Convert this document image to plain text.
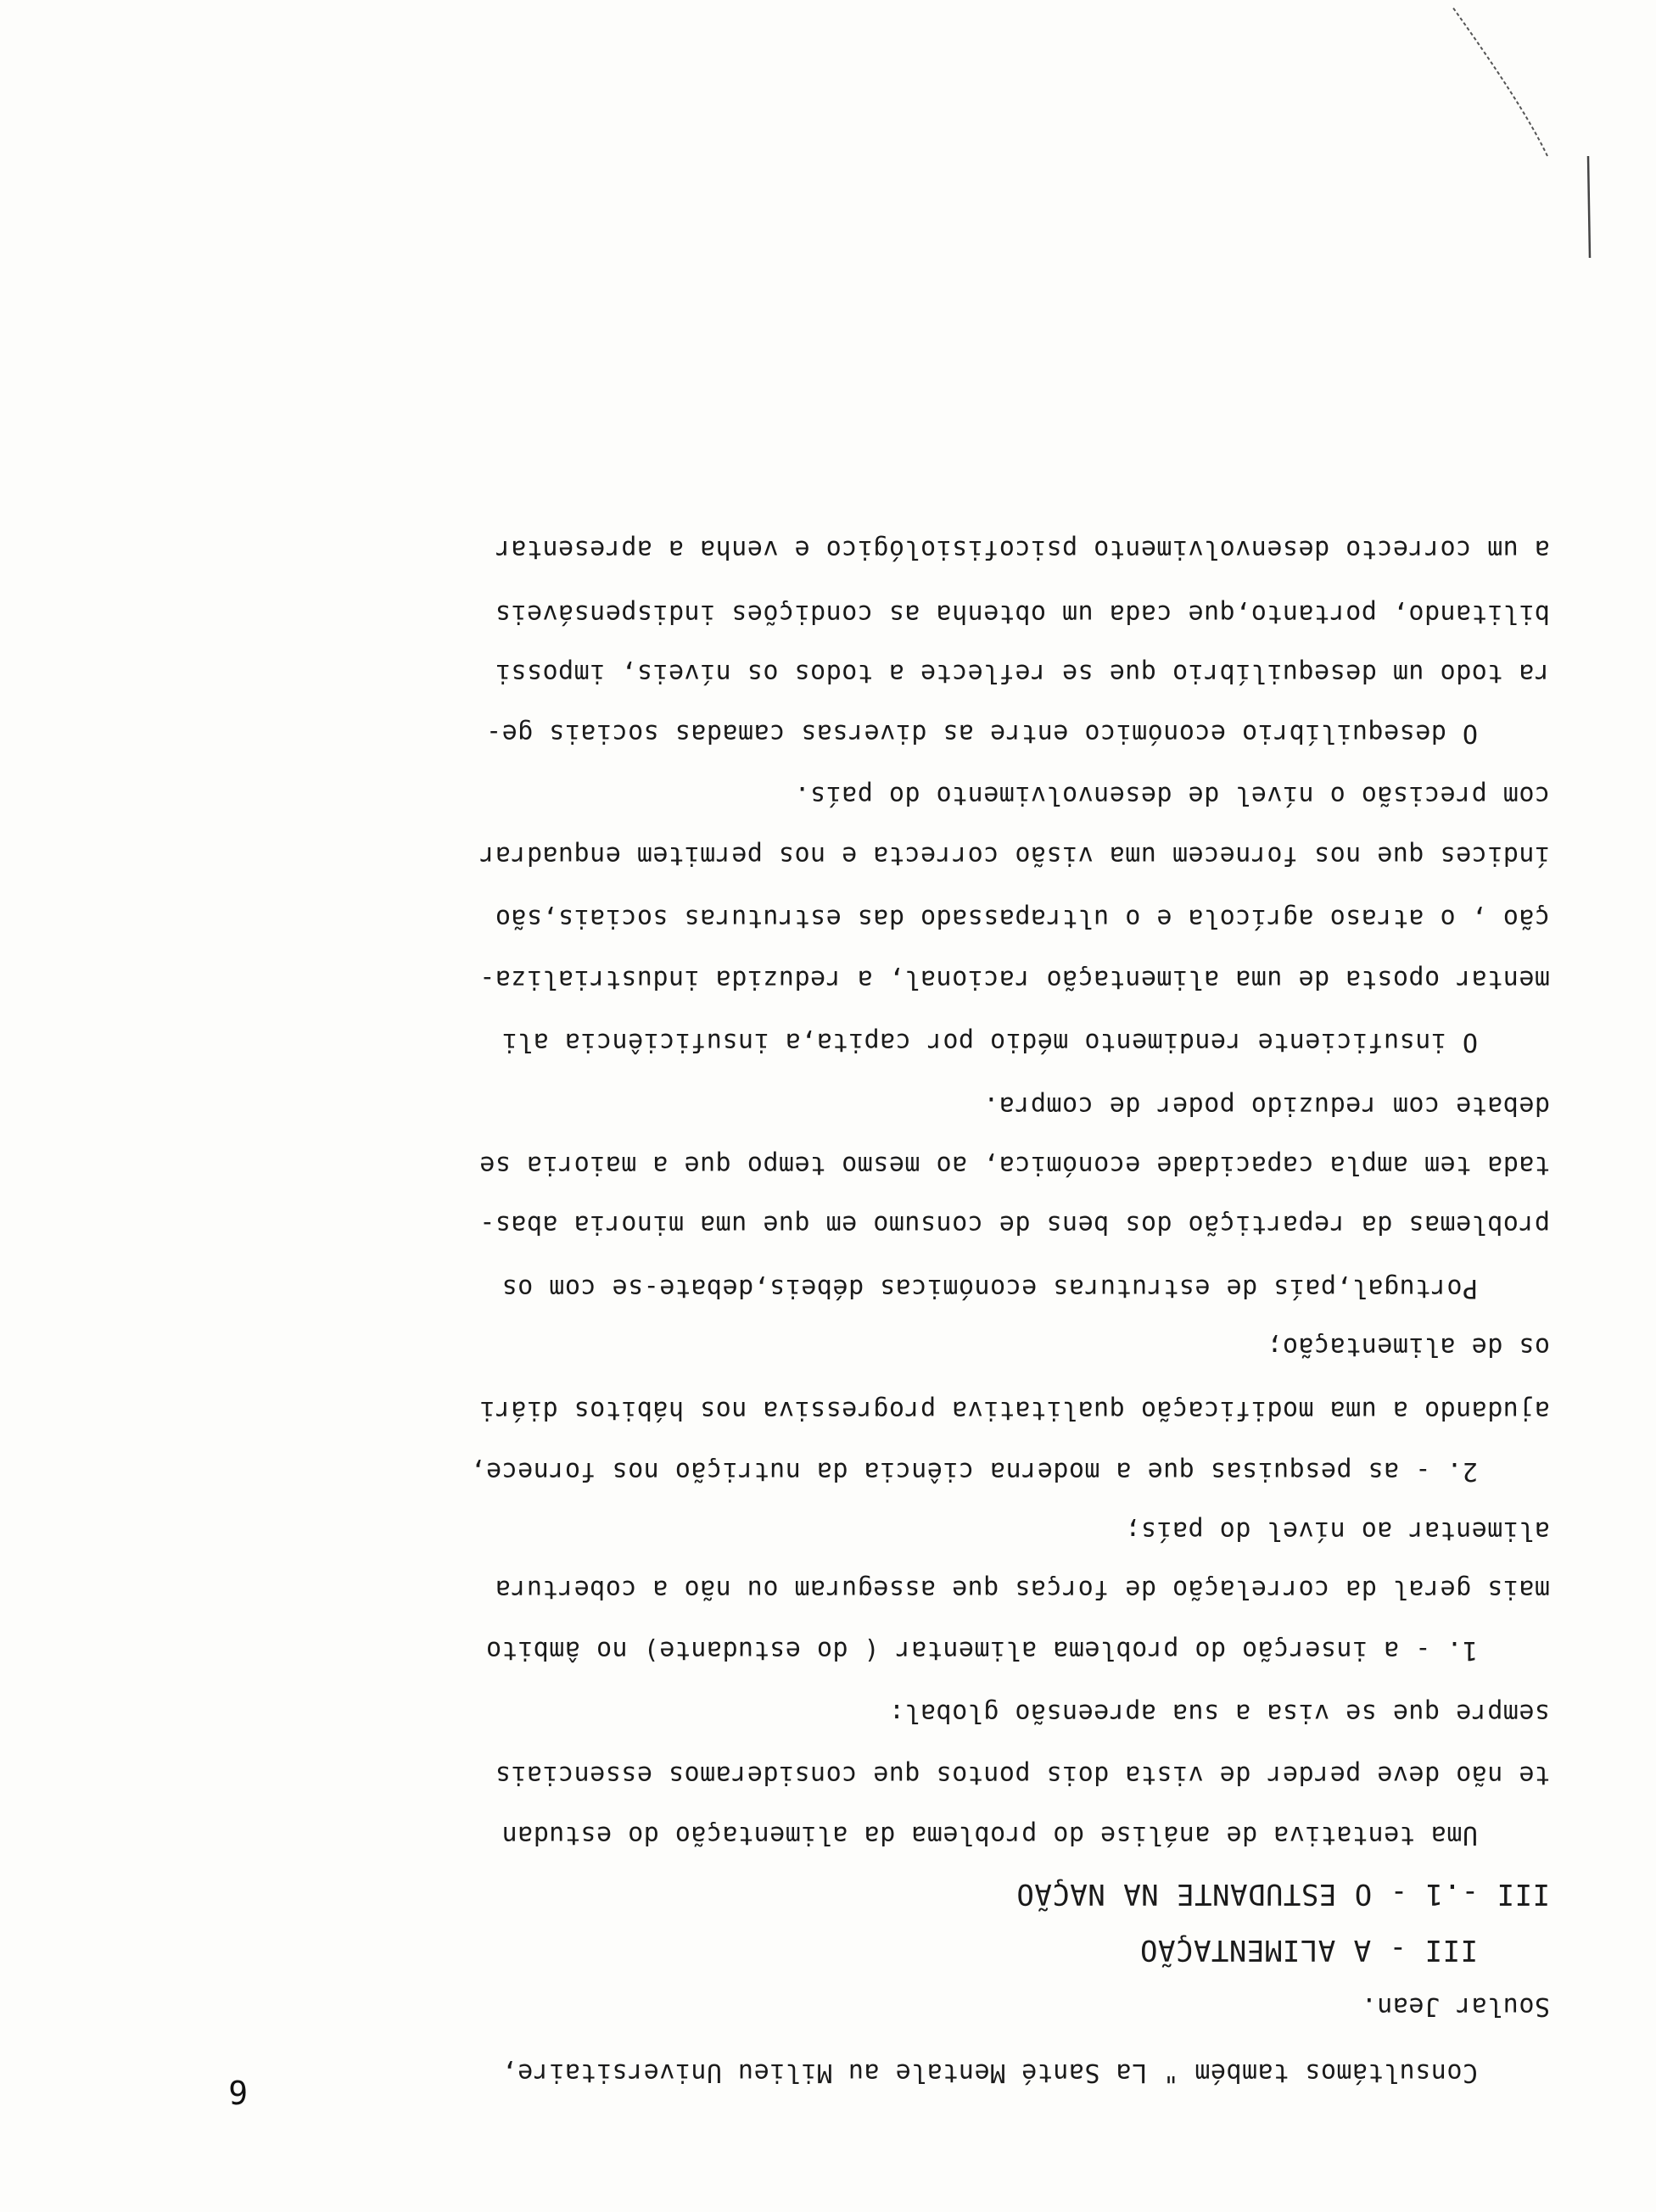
6
Consultámos também " La Santé Mentale au Milieu Universitaire,
Soular Jean.
III - A ALIMENTAÇÃO
III -.1 - O ESTUDANTE NA NAÇÃO
Uma tentativa de análise do problema da alimentação do estudan
te não deve perder de vista dois pontos que consideramos essenciais
sempre que se visa a sua apreensão global:
1. - a inserção do problema alimentar ( do estudante) no âmbito
mais geral da correlação de forças que asseguram ou não a cobertura
alimentar ao nível do país;
2. - as pesquisas que a moderna ciência da nutrição nos fornece,
ajudando a uma modificação qualitativa progressiva nos hábitos diári
os de alimentação;
Portugal,país de estruturas económicas débeis,debate-se com os
problemas da repartição dos bens de consumo em que uma minoria abas-
tada tem ampla capacidade económica, ao mesmo tempo que a maioria se
debate com reduzido poder de compra.
O insuficiente rendimento médio por capita,a insuficiência ali
mentar oposta de uma alimentação racional, a reduzida industrializa-
ção , o atraso agrícola e o ultrapassado das estruturas sociais,são
índices que nos fornecem uma visão correcta e nos permitem enquadrar
com precisão o nível de desenvolvimento do país.
O desequilíbrio económico entre as diversas camadas sociais ge-
ra todo um desequilíbrio que se reflecte a todos os níveis, impossi
bilitando, portanto,que cada um obtenha as condições indispensáveis
a um correcto desenvolvimento psicofisiológico e venha a apresentar
